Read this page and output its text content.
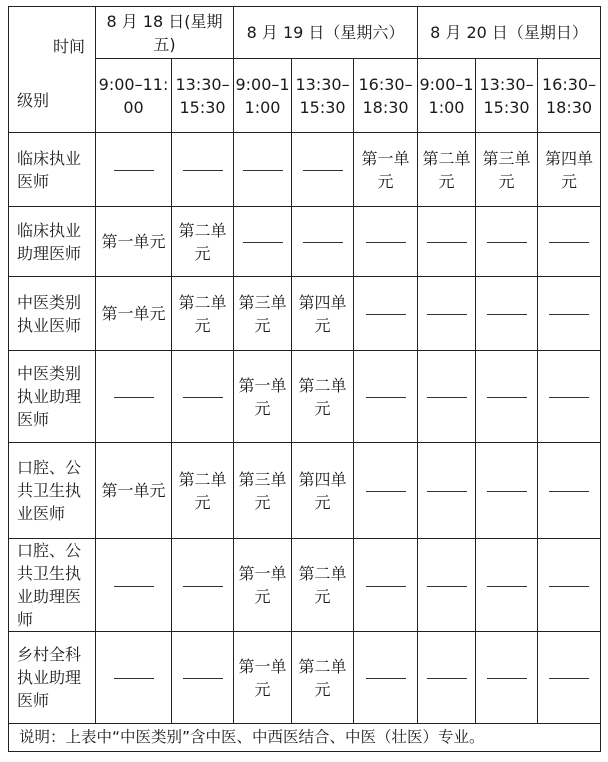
时间
级别	8 月 18 日(星期五)		8 月 19 日（星期六）			8 月 20 日（星期日）		
	9:00–11:00	13:30–15:30	9:00–11:00	13:30–15:30	16:30–18:30	9:00–11:00	13:30–15:30	16:30–18:30
临床执业 医师					第一单元	第二单元	第三单元	第四单元
临床执业助理医师	第一单元	第二单元						
中医类别执业医师	第一单元	第二单元	第三单元	第四单元				
中医类别执业助理医师			第一单元	第二单元				
口腔、公共卫生执业医师	第一单元	第二单元	第三单元	第四单元				
口腔、公共卫生执业助理医师			第一单元	第二单元				
乡村全科执业助理医师			第一单元	第二单元				
说明：上表中“中医类别”含中医、中西医结合、中医（壮医）专业。								
